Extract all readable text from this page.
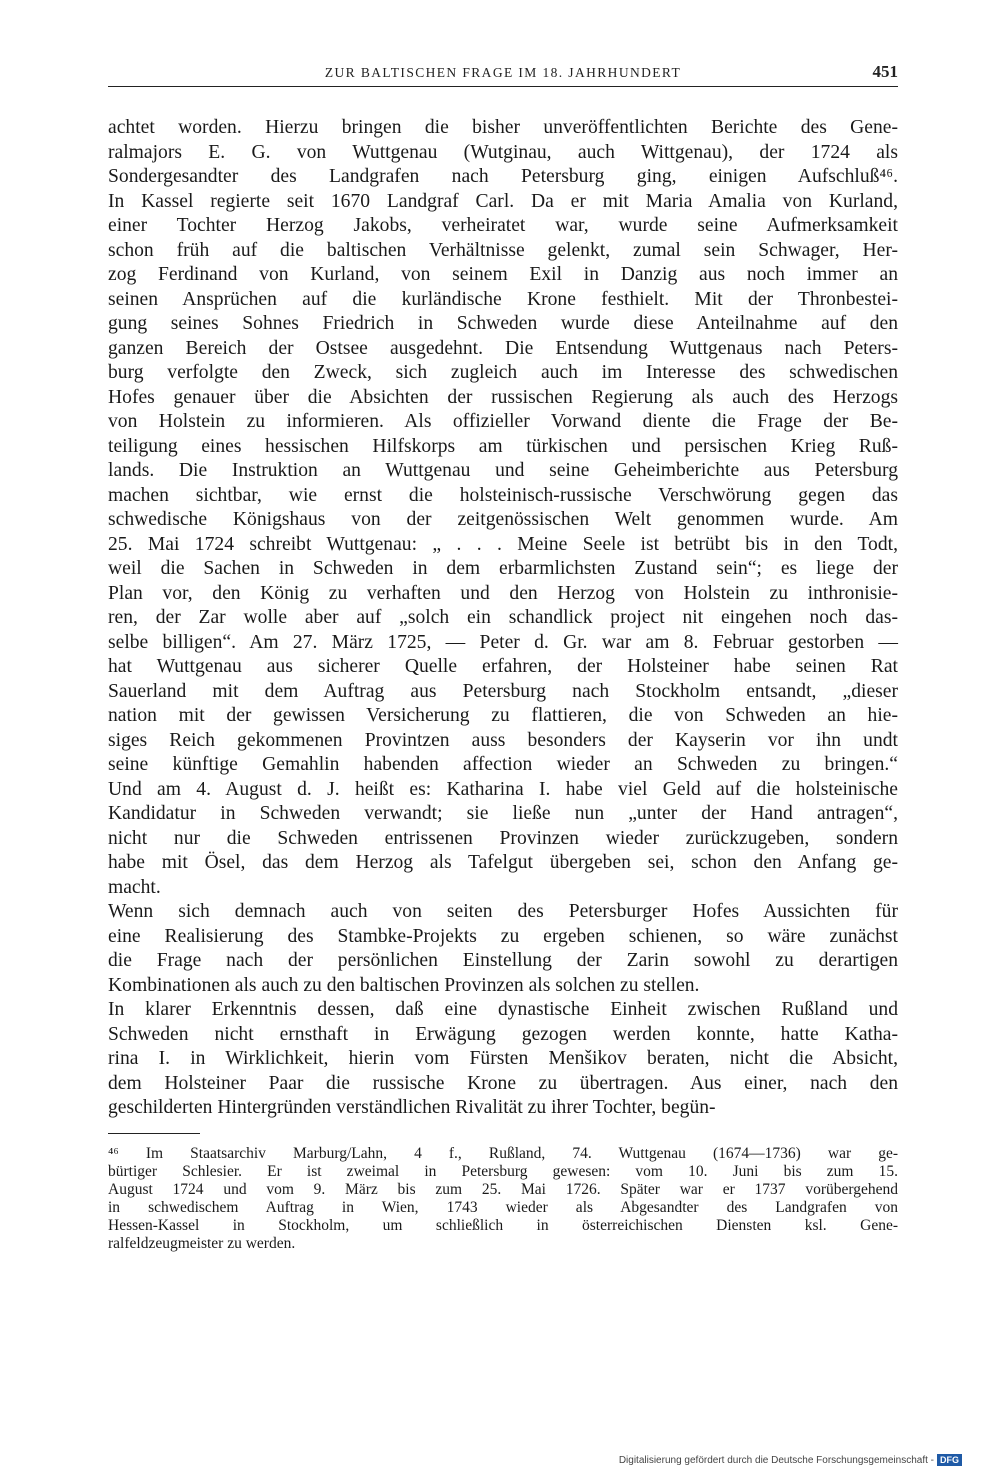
ZUR BALTISCHEN FRAGE IM 18. JAHRHUNDERT	451
achtet worden. Hierzu bringen die bisher unveröffentlichten Berichte des Gene-
ralmajors E. G. von Wuttgenau (Wutginau, auch Wittgenau), der 1724 als
Sondergesandter des Landgrafen nach Petersburg ging, einigen Aufschluß⁴⁶.
In Kassel regierte seit 1670 Landgraf Carl. Da er mit Maria Amalia von Kurland,
einer Tochter Herzog Jakobs, verheiratet war, wurde seine Aufmerksamkeit
schon früh auf die baltischen Verhältnisse gelenkt, zumal sein Schwager, Her-
zog Ferdinand von Kurland, von seinem Exil in Danzig aus noch immer an
seinen Ansprüchen auf die kurländische Krone festhielt. Mit der Thronbestei-
gung seines Sohnes Friedrich in Schweden wurde diese Anteilnahme auf den
ganzen Bereich der Ostsee ausgedehnt. Die Entsendung Wuttgenaus nach Peters-
burg verfolgte den Zweck, sich zugleich auch im Interesse des schwedischen
Hofes genauer über die Absichten der russischen Regierung als auch des Herzogs
von Holstein zu informieren. Als offizieller Vorwand diente die Frage der Be-
teiligung eines hessischen Hilfskorps am türkischen und persischen Krieg Ruß-
lands. Die Instruktion an Wuttgenau und seine Geheimberichte aus Petersburg
machen sichtbar, wie ernst die holsteinisch-russische Verschwörung gegen das
schwedische Königshaus von der zeitgenössischen Welt genommen wurde. Am
25. Mai 1724 schreibt Wuttgenau: „ . . . Meine Seele ist betrübt bis in den Todt,
weil die Sachen in Schweden in dem erbarmlichsten Zustand sein“; es liege der
Plan vor, den König zu verhaften und den Herzog von Holstein zu inthronisie-
ren, der Zar wolle aber auf „solch ein schandlick project nit eingehen noch das-
selbe billigen“. Am 27. März 1725, — Peter d. Gr. war am 8. Februar gestorben —
hat Wuttgenau aus sicherer Quelle erfahren, der Holsteiner habe seinen Rat
Sauerland mit dem Auftrag aus Petersburg nach Stockholm entsandt, „dieser
nation mit der gewissen Versicherung zu flattieren, die von Schweden an hie-
siges Reich gekommenen Provintzen auss besonders der Kayserin vor ihn undt
seine künftige Gemahlin habenden affection wieder an Schweden zu bringen.“
Und am 4. August d. J. heißt es: Katharina I. habe viel Geld auf die holsteinische
Kandidatur in Schweden verwandt; sie ließe nun „unter der Hand antragen“,
nicht nur die Schweden entrissenen Provinzen wieder zurückzugeben, sondern
habe mit Ösel, das dem Herzog als Tafelgut übergeben sei, schon den Anfang ge-
macht.
Wenn sich demnach auch von seiten des Petersburger Hofes Aussichten für
eine Realisierung des Stambke-Projekts zu ergeben schienen, so wäre zunächst
die Frage nach der persönlichen Einstellung der Zarin sowohl zu derartigen
Kombinationen als auch zu den baltischen Provinzen als solchen zu stellen.
In klarer Erkenntnis dessen, daß eine dynastische Einheit zwischen Rußland und
Schweden nicht ernsthaft in Erwägung gezogen werden konnte, hatte Katha-
rina I. in Wirklichkeit, hierin vom Fürsten Menšikov beraten, nicht die Absicht,
dem Holsteiner Paar die russische Krone zu übertragen. Aus einer, nach den
geschilderten Hintergründen verständlichen Rivalität zu ihrer Tochter, begün-
⁴⁶ Im Staatsarchiv Marburg/Lahn, 4 f., Rußland, 74. Wuttgenau (1674—1736) war ge-
bürtiger Schlesier. Er ist zweimal in Petersburg gewesen: vom 10. Juni bis zum 15.
August 1724 und vom 9. März bis zum 25. Mai 1726. Später war er 1737 vorübergehend
in schwedischem Auftrag in Wien, 1743 wieder als Abgesandter des Landgrafen von
Hessen-Kassel in Stockholm, um schließlich in österreichischen Diensten ksl. Gene-
ralfeldzeugmeister zu werden.
Digitalisierung gefördert durch die Deutsche Forschungsgemeinschaft - DFG
